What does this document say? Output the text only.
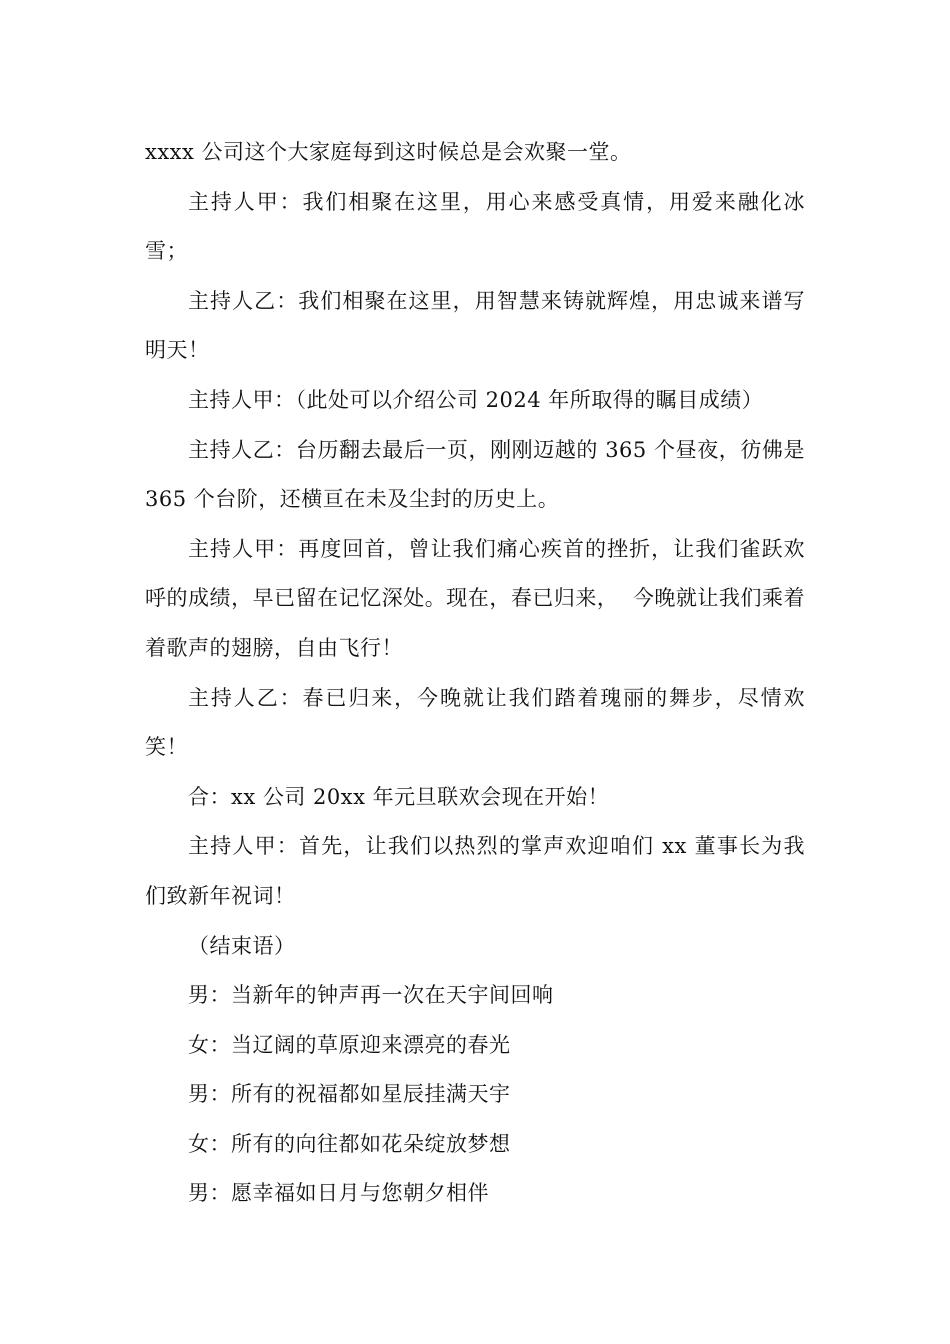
xxxx 公司这个大家庭每到这时候总是会欢聚一堂。

主持人甲：我们相聚在这里，用心来感受真情，用爱来融化冰雪；

主持人乙：我们相聚在这里，用智慧来铸就辉煌，用忠诚来谱写明天！

主持人甲：（此处可以介绍公司 2024 年所取得的瞩目成绩）

主持人乙：台历翻去最后一页，刚刚迈越的 365 个昼夜，彷佛是 365 个台阶，还横亘在未及尘封的历史上。

主持人甲：再度回首，曾让我们痛心疾首的挫折，让我们雀跃欢呼的成绩，早已留在记忆深处。现在，春已归来，  今晚就让我们乘着着歌声的翅膀，自由飞行！

主持人乙：春已归来，今晚就让我们踏着瑰丽的舞步，尽情欢笑！

合：xx 公司 20xx 年元旦联欢会现在开始！

主持人甲：首先，让我们以热烈的掌声欢迎咱们 xx 董事长为我们致新年祝词！

（结束语）

男：当新年的钟声再一次在天宇间回响

女：当辽阔的草原迎来漂亮的春光

男：所有的祝福都如星辰挂满天宇

女：所有的向往都如花朵绽放梦想

男：愿幸福如日月与您朝夕相伴
